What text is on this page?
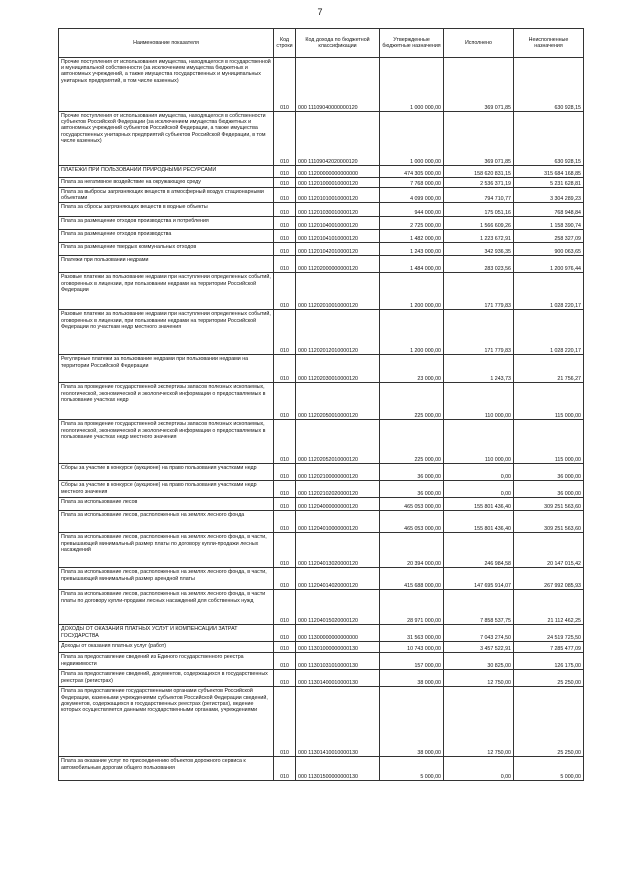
7
Наименование показателя	Код строки	Код дохода по бюджетной классификации	Утвержденные бюджетные назначения	Исполнено	Неисполненные назначения
Прочие поступления от использования имущества, находящегося в государственной и муниципальной собственности (за исключением имущества бюджетных и автономных учреждений, а также имущества государственных и муниципальных унитарных предприятий, в том числе казенных)	010	000 11109040000000120	1 000 000,00	369 071,85	630 928,15
Прочие поступления от использования имущества, находящегося в собственности субъектов Российской Федерации (за исключением имущества бюджетных и автономных учреждений субъектов Российской Федерации, а также имущества государственных унитарных предприятий субъектов Российской Федерации, в том числе казенных)	010	000 11109042020000120	1 000 000,00	369 071,85	630 928,15
ПЛАТЕЖИ ПРИ ПОЛЬЗОВАНИИ ПРИРОДНЫМИ РЕСУРСАМИ	010	000 11200000000000000	474 305 000,00	158 620 831,15	315 684 168,85
Плата за негативное воздействие на окружающую среду	010	000 11201000010000120	7 768 000,00	2 536 371,19	5 231 628,81
Плата за выбросы загрязняющих веществ в атмосферный воздух стационарными объектами	010	000 11201010010000120	4 099 000,00	794 710,77	3 304 289,23
Плата за сбросы загрязняющих веществ в водные объекты	010	000 11201030010000120	944 000,00	175 051,16	768 948,84
Плата за размещение отходов производства и потребления	010	000 11201040010000120	2 725 000,00	1 566 609,26	1 158 390,74
Плата за размещение отходов производства	010	000 11201041010000120	1 482 000,00	1 223 672,91	258 327,09
Плата за размещение твердых коммунальных отходов	010	000 11201042010000120	1 243 000,00	342 936,35	900 063,65
Платежи при пользовании недрами	010	000 11202000000000120	1 484 000,00	283 023,56	1 200 976,44
Разовые платежи за пользование недрами при наступлении определенных событий, оговоренных в лицензии, при пользовании недрами на территории Российской Федерации	010	000 11202010010000120	1 200 000,00	171 779,83	1 028 220,17
Разовые платежи за пользование недрами при наступлении определенных событий, оговоренных в лицензии, при пользовании недрами на территории Российской Федерации по участкам недр местного значения	010	000 11202012010000120	1 200 000,00	171 779,83	1 028 220,17
Регулярные платежи за пользование недрами при пользовании недрами на территории Российской Федерации	010	000 11202030010000120	23 000,00	1 243,73	21 756,27
Плата за проведение государственной экспертизы запасов полезных ископаемых, геологической, экономической и экологической информации о предоставляемых в пользование участках недр	010	000 11202050010000120	225 000,00	110 000,00	115 000,00
Плата за проведение государственной экспертизы запасов полезных ископаемых, геологической, экономической и экологической информации о предоставляемых в пользование участках недр местного значения	010	000 11202052010000120	225 000,00	110 000,00	115 000,00
Сборы за участие в конкурсе (аукционе) на право пользования участками недр	010	000 11202100000000120	36 000,00	0,00	36 000,00
Сборы за участие в конкурсе (аукционе) на право пользования участками недр местного значения	010	000 11202102020000120	36 000,00	0,00	36 000,00
Плата за использование лесов	010	000 11204000000000120	465 053 000,00	155 801 436,40	309 251 563,60
Плата за использование лесов, расположенных на землях лесного фонда	010	000 11204010000000120	465 053 000,00	155 801 436,40	309 251 563,60
Плата за использование лесов, расположенных на землях лесного фонда, в части, превышающей минимальный размер платы по договору купли-продажи лесных насаждений	010	000 11204013020000120	20 394 000,00	246 984,58	20 147 015,42
Плата за использование лесов, расположенных на землях лесного фонда, в части, превышающей минимальный размер арендной платы	010	000 11204014020000120	415 688 000,00	147 695 914,07	267 992 085,93
Плата за использование лесов, расположенных на землях лесного фонда, в части платы по договору купли-продажи лесных насаждений для собственных нужд	010	000 11204015020000120	28 971 000,00	7 858 537,75	21 112 462,25
ДОХОДЫ ОТ ОКАЗАНИЯ ПЛАТНЫХ УСЛУГ И КОМПЕНСАЦИИ ЗАТРАТ ГОСУДАРСТВА	010	000 11300000000000000	31 563 000,00	7 043 274,50	24 519 725,50
Доходы от оказания платных услуг (работ)	010	000 11301000000000130	10 743 000,00	3 457 522,91	7 285 477,09
Плата за предоставление сведений из Единого государственного реестра недвижимости	010	000 11301031010000130	157 000,00	30 825,00	126 175,00
Плата за предоставление сведений, документов, содержащихся в государственных реестрах (регистрах)	010	000 11301400010000130	38 000,00	12 750,00	25 250,00
Плата за предоставление государственными органами субъектов Российской Федерации, казенными учреждениями субъектов Российской Федерации сведений, документов, содержащихся в государственных реестрах (регистрах), ведение которых осуществляется данными государственными органами, учреждениями	010	000 11301410010000130	38 000,00	12 750,00	25 250,00
Плата за оказание услуг по присоединению объектов дорожного сервиса к автомобильным дорогам общего пользования	010	000 11301500000000130	5 000,00	0,00	5 000,00
